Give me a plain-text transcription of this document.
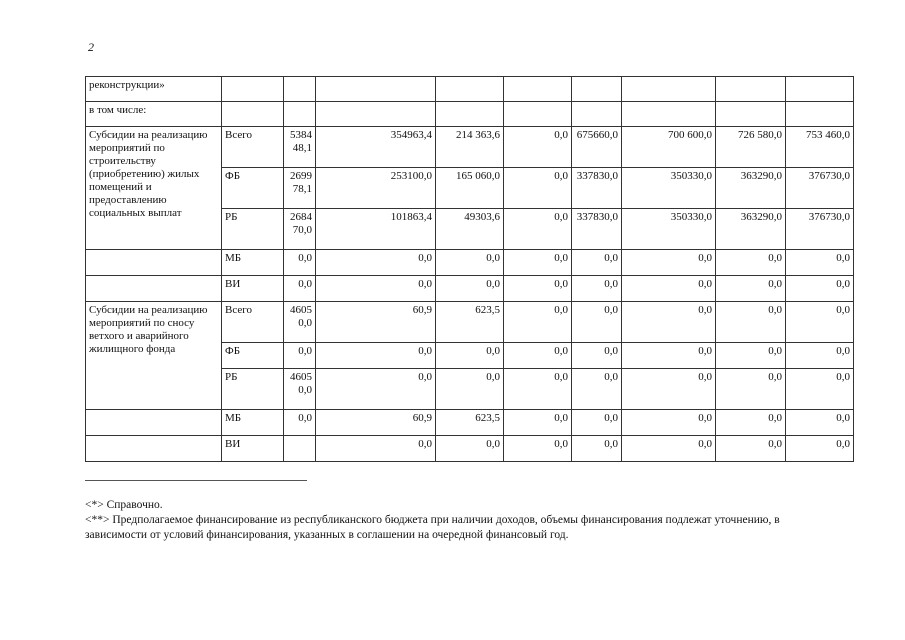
2
реконструкции»									
в том числе:									
Субсидии на реализацию мероприятий по строительству (приобретению) жилых помещений и предоставлению социальных выплат	Всего	538448,1	354963,4	214 363,6	0,0	675660,0	700 600,0	726 580,0	753 460,0
	ФБ	269978,1	253100,0	165 060,0	0,0	337830,0	350330,0	363290,0	376730,0
	РБ	268470,0	101863,4	49303,6	0,0	337830,0	350330,0	363290,0	376730,0
	МБ	0,0	0,0	0,0	0,0	0,0	0,0	0,0	0,0
	ВИ	0,0	0,0	0,0	0,0	0,0	0,0	0,0	0,0
Субсидии на реализацию мероприятий по сносу ветхого и аварийного жилищного фонда	Всего	46050,0	60,9	623,5	0,0	0,0	0,0	0,0	0,0
	ФБ	0,0	0,0	0,0	0,0	0,0	0,0	0,0	0,0
	РБ	46050,0	0,0	0,0	0,0	0,0	0,0	0,0	0,0
	МБ	0,0	60,9	623,5	0,0	0,0	0,0	0,0	0,0
	ВИ		0,0	0,0	0,0	0,0	0,0	0,0	0,0

<*> Справочно.

<**> Предполагаемое финансирование из республиканского бюджета при наличии доходов, объемы финансирования подлежат уточнению, в зависимости от условий финансирования, указанных в соглашении на очередной финансовый год.
